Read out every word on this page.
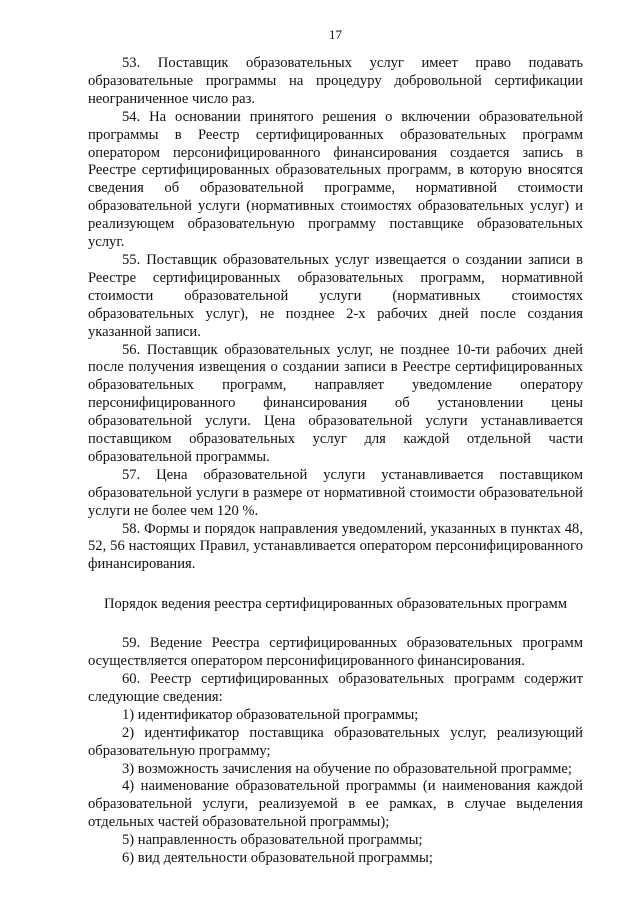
17

53. Поставщик образовательных услуг имеет право подавать образовательные программы на процедуру добровольной сертификации неограниченное число раз.

54. На основании принятого решения о включении образовательной программы в Реестр сертифицированных образовательных программ оператором персонифицированного финансирования создается запись в Реестре сертифицированных образовательных программ, в которую вносятся сведения об образовательной программе, нормативной стоимости образовательной услуги (нормативных стоимостях образовательных услуг) и реализующем образовательную программу поставщике образовательных услуг.

55. Поставщик образовательных услуг извещается о создании записи в Реестре сертифицированных образовательных программ, нормативной стоимости образовательной услуги (нормативных стоимостях образовательных услуг), не позднее 2-х рабочих дней после создания указанной записи.

56. Поставщик образовательных услуг, не позднее 10-ти рабочих дней после получения извещения о создании записи в Реестре сертифицированных образовательных программ, направляет уведомление оператору персонифицированного финансирования об установлении цены образовательной услуги. Цена образовательной услуги устанавливается поставщиком образовательных услуг для каждой отдельной части образовательной программы.

57. Цена образовательной услуги устанавливается поставщиком образовательной услуги в размере от нормативной стоимости образовательной услуги не более чем 120 %.

58. Формы и порядок направления уведомлений, указанных в пунктах 48, 52, 56 настоящих Правил, устанавливается оператором персонифицированного финансирования.

Порядок ведения реестра сертифицированных образовательных программ

59. Ведение Реестра сертифицированных образовательных программ осуществляется оператором персонифицированного финансирования.

60. Реестр сертифицированных образовательных программ содержит следующие сведения:

1) идентификатор образовательной программы;

2) идентификатор поставщика образовательных услуг, реализующий образовательную программу;

3) возможность зачисления на обучение по образовательной программе;

4) наименование образовательной программы (и наименования каждой образовательной услуги, реализуемой в ее рамках, в случае выделения отдельных частей образовательной программы);

5) направленность образовательной программы;

6) вид деятельности образовательной программы;
